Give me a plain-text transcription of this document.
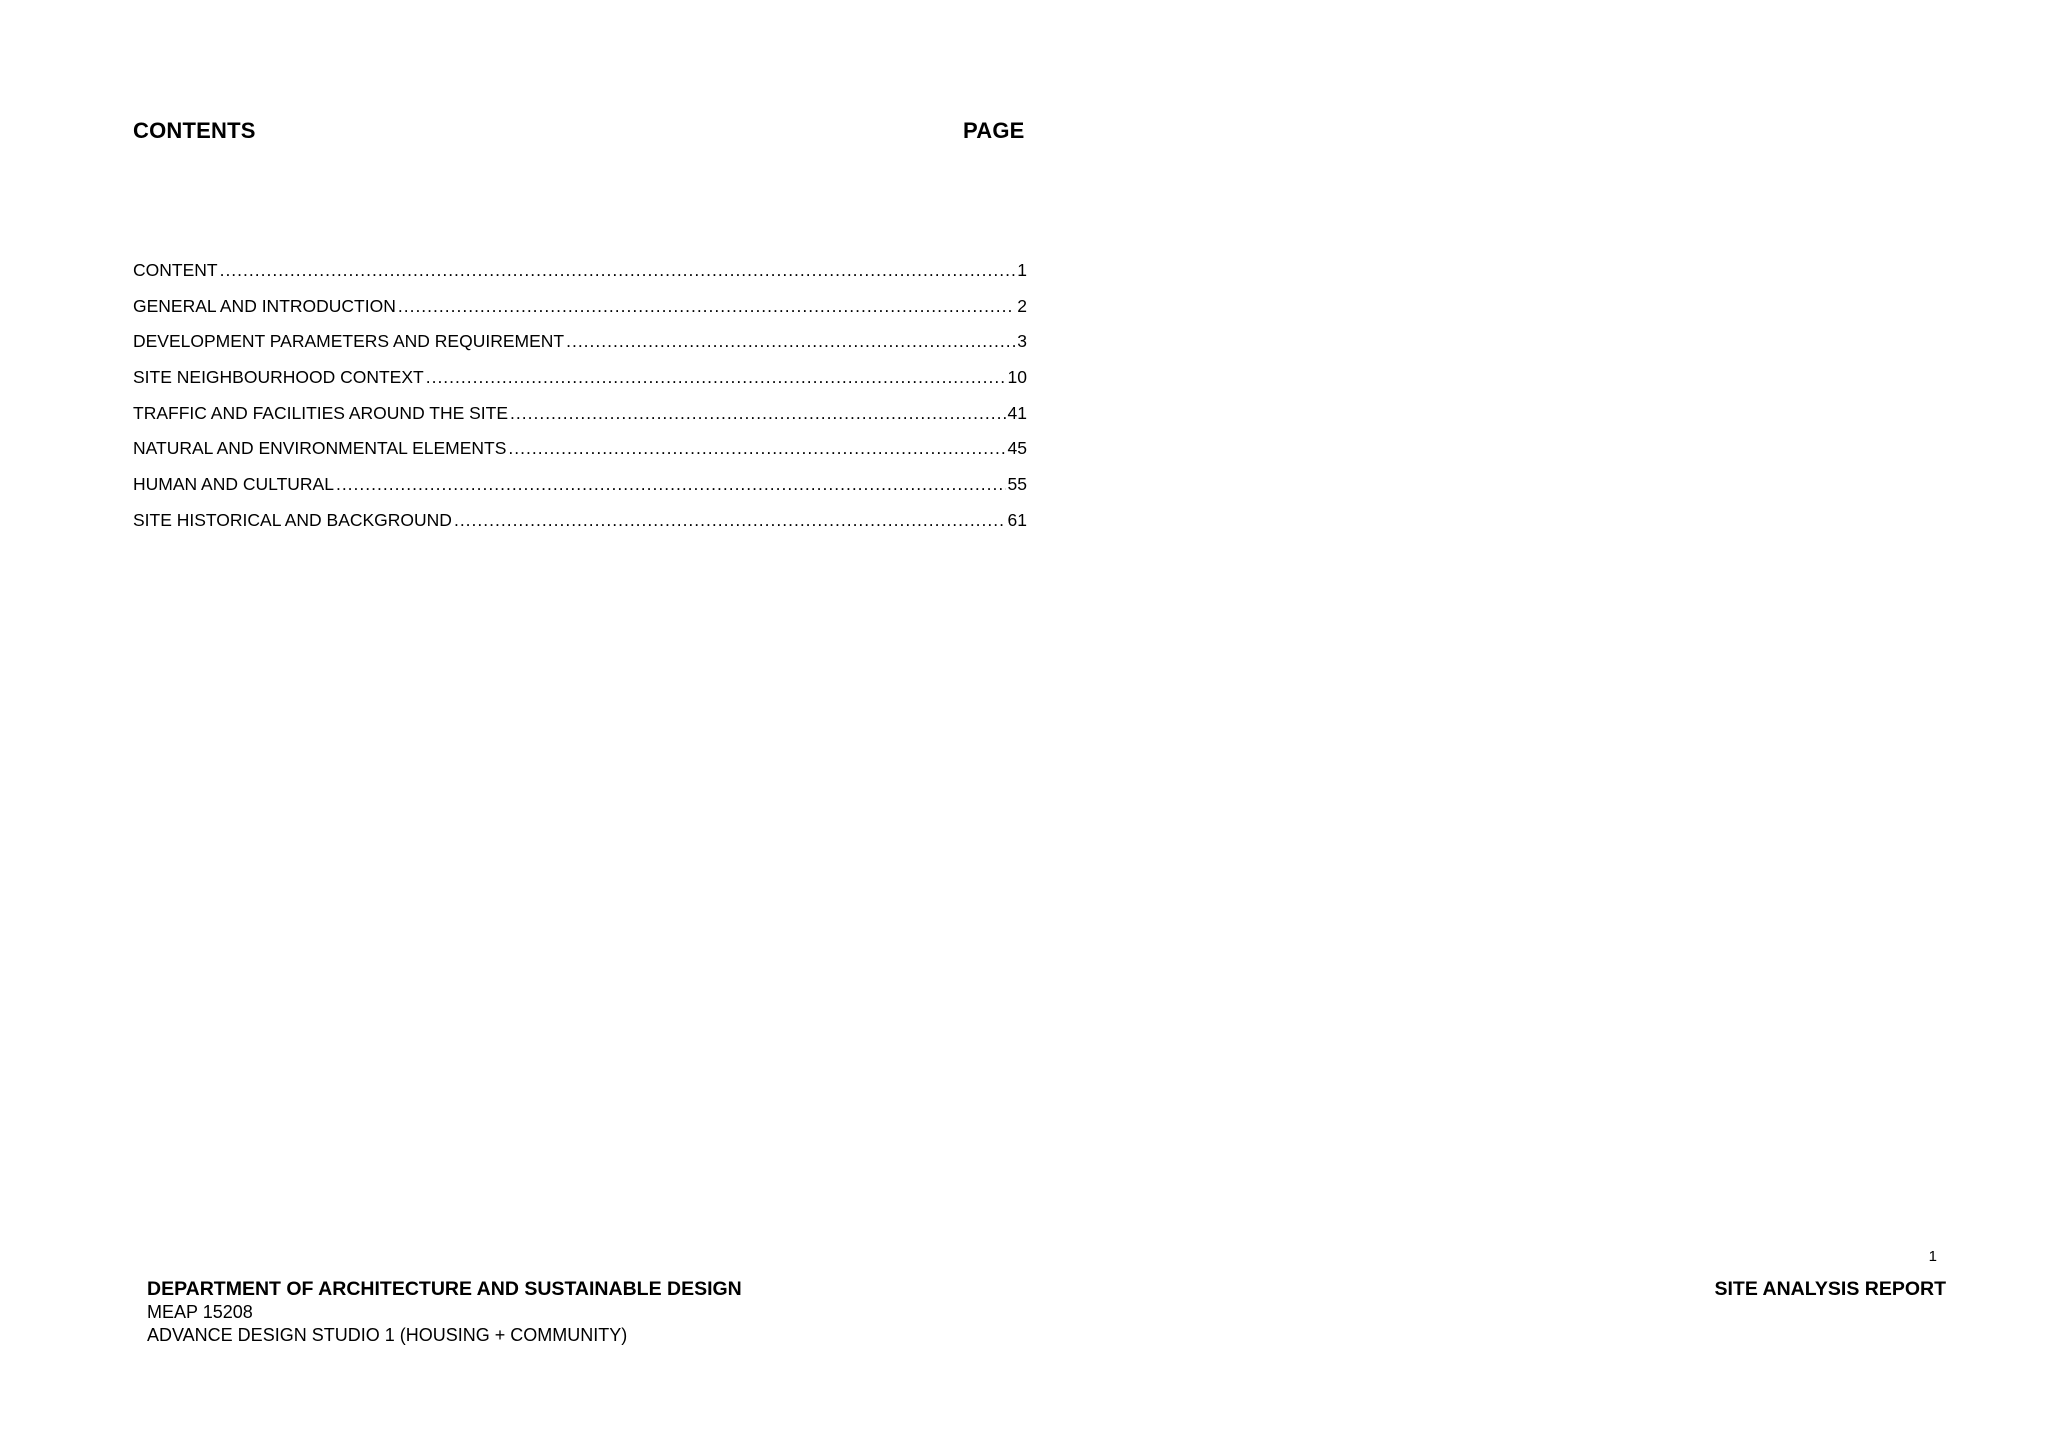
CONTENTS	PAGE
CONTENT .....	1
GENERAL AND INTRODUCTION .....	2
DEVELOPMENT PARAMETERS AND REQUIREMENT .....	3
SITE NEIGHBOURHOOD CONTEXT .....	10
TRAFFIC AND FACILITIES AROUND THE SITE .....	41
NATURAL AND ENVIRONMENTAL ELEMENTS .....	45
HUMAN AND CULTURAL .....	55
SITE HISTORICAL AND BACKGROUND .....	61
1
DEPARTMENT OF ARCHITECTURE AND SUSTAINABLE DESIGN
MEAP 15208
ADVANCE DESIGN STUDIO 1 (HOUSING + COMMUNITY)
SITE ANALYSIS REPORT
